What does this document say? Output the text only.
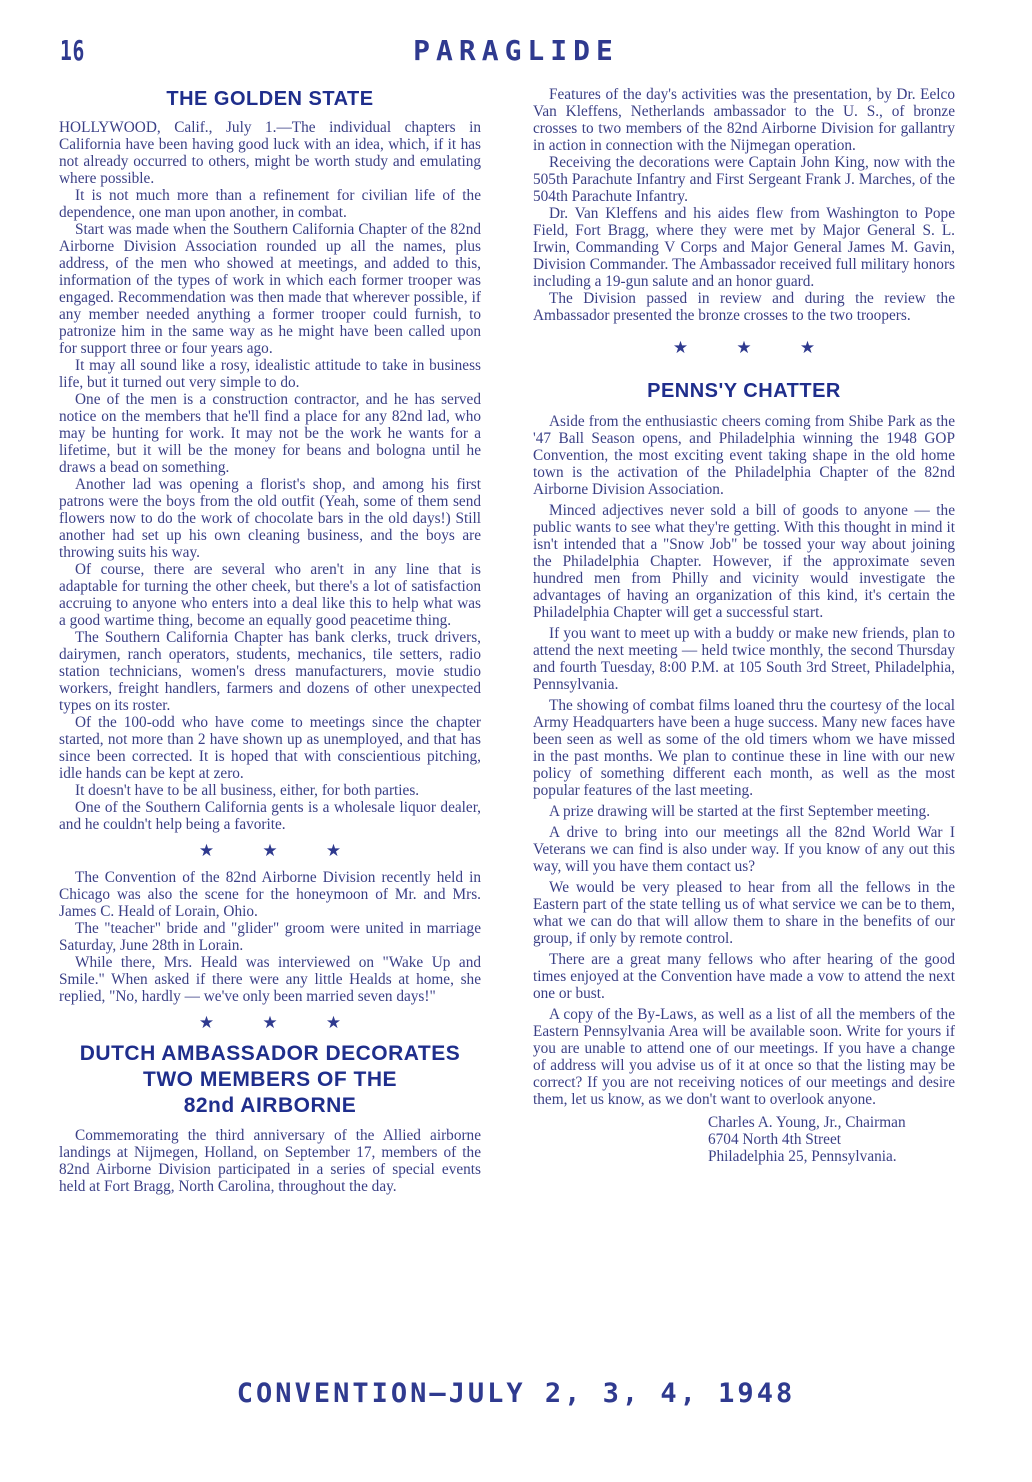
16	PARAGLIDE
THE GOLDEN STATE

HOLLYWOOD, Calif., July 1.—The individual chapters in California have been having good luck with an idea, which, if it has not already occurred to others, might be worth study and emulating where possible.

It is not much more than a refinement for civilian life of the dependence, one man upon another, in combat.

Start was made when the Southern California Chapter of the 82nd Airborne Division Association rounded up all the names, plus address, of the men who showed at meetings, and added to this, information of the types of work in which each former trooper was engaged. Recommendation was then made that wherever possible, if any member needed anything a former trooper could furnish, to patronize him in the same way as he might have been called upon for support three or four years ago.

It may all sound like a rosy, idealistic attitude to take in business life, but it turned out very simple to do.

One of the men is a construction contractor, and he has served notice on the members that he'll find a place for any 82nd lad, who may be hunting for work. It may not be the work he wants for a lifetime, but it will be the money for beans and bologna until he draws a bead on something.

Another lad was opening a florist's shop, and among his first patrons were the boys from the old outfit (Yeah, some of them send flowers now to do the work of chocolate bars in the old days!) Still another had set up his own cleaning business, and the boys are throwing suits his way.

Of course, there are several who aren't in any line that is adaptable for turning the other cheek, but there's a lot of satisfaction accruing to anyone who enters into a deal like this to help what was a good wartime thing, become an equally good peacetime thing.

The Southern California Chapter has bank clerks, truck drivers, dairymen, ranch operators, students, mechanics, tile setters, radio station technicians, women's dress manufacturers, movie studio workers, freight handlers, farmers and dozens of other unexpected types on its roster.

Of the 100-odd who have come to meetings since the chapter started, not more than 2 have shown up as unemployed, and that has since been corrected. It is hoped that with conscientious pitching, idle hands can be kept at zero.

It doesn't have to be all business, either, for both parties.

One of the Southern California gents is a wholesale liquor dealer, and he couldn't help being a favorite.

★ ★ ★

The Convention of the 82nd Airborne Division recently held in Chicago was also the scene for the honeymoon of Mr. and Mrs. James C. Heald of Lorain, Ohio.

The "teacher" bride and "glider" groom were united in marriage Saturday, June 28th in Lorain.

While there, Mrs. Heald was interviewed on "Wake Up and Smile." When asked if there were any little Healds at home, she replied, "No, hardly — we've only been married seven days!"

★ ★ ★
DUTCH AMBASSADOR DECORATES
TWO MEMBERS OF THE
82nd AIRBORNE

Commemorating the third anniversary of the Allied airborne landings at Nijmegen, Holland, on September 17, members of the 82nd Airborne Division participated in a series of special events held at Fort Bragg, North Carolina, throughout the day.

Features of the day's activities was the presentation, by Dr. Eelco Van Kleffens, Netherlands ambassador to the U. S., of bronze crosses to two members of the 82nd Airborne Division for gallantry in action in connection with the Nijmegan operation.

Receiving the decorations were Captain John King, now with the 505th Parachute Infantry and First Sergeant Frank J. Marches, of the 504th Parachute Infantry.

Dr. Van Kleffens and his aides flew from Washington to Pope Field, Fort Bragg, where they were met by Major General S. L. Irwin, Commanding V Corps and Major General James M. Gavin, Division Commander. The Ambassador received full military honors including a 19-gun salute and an honor guard.

The Division passed in review and during the review the Ambassador presented the bronze crosses to the two troopers.

★ ★ ★
PENNS'Y CHATTER

Aside from the enthusiastic cheers coming from Shibe Park as the '47 Ball Season opens, and Philadelphia winning the 1948 GOP Convention, the most exciting event taking shape in the old home town is the activation of the Philadelphia Chapter of the 82nd Airborne Division Association.

Minced adjectives never sold a bill of goods to anyone — the public wants to see what they're getting. With this thought in mind it isn't intended that a "Snow Job" be tossed your way about joining the Philadelphia Chapter. However, if the approximate seven hundred men from Philly and vicinity would investigate the advantages of having an organization of this kind, it's certain the Philadelphia Chapter will get a successful start.

If you want to meet up with a buddy or make new friends, plan to attend the next meeting — held twice monthly, the second Thursday and fourth Tuesday, 8:00 P.M. at 105 South 3rd Street, Philadelphia, Pennsylvania.

The showing of combat films loaned thru the courtesy of the local Army Headquarters have been a huge success. Many new faces have been seen as well as some of the old timers whom we have missed in the past months. We plan to continue these in line with our new policy of something different each month, as well as the most popular features of the last meeting.

A prize drawing will be started at the first September meeting.

A drive to bring into our meetings all the 82nd World War I Veterans we can find is also under way. If you know of any out this way, will you have them contact us?

We would be very pleased to hear from all the fellows in the Eastern part of the state telling us of what service we can be to them, what we can do that will allow them to share in the benefits of our group, if only by remote control.

There are a great many fellows who after hearing of the good times enjoyed at the Convention have made a vow to attend the next one or bust.

A copy of the By-Laws, as well as a list of all the members of the Eastern Pennsylvania Area will be available soon. Write for yours if you are unable to attend one of our meetings. If you have a change of address will you advise us of it at once so that the listing may be correct? If you are not receiving notices of our meetings and desire them, let us know, as we don't want to overlook anyone.

Charles A. Young, Jr., Chairman
6704 North 4th Street
Philadelphia 25, Pennsylvania.
CONVENTION—JULY 2, 3, 4, 1948
